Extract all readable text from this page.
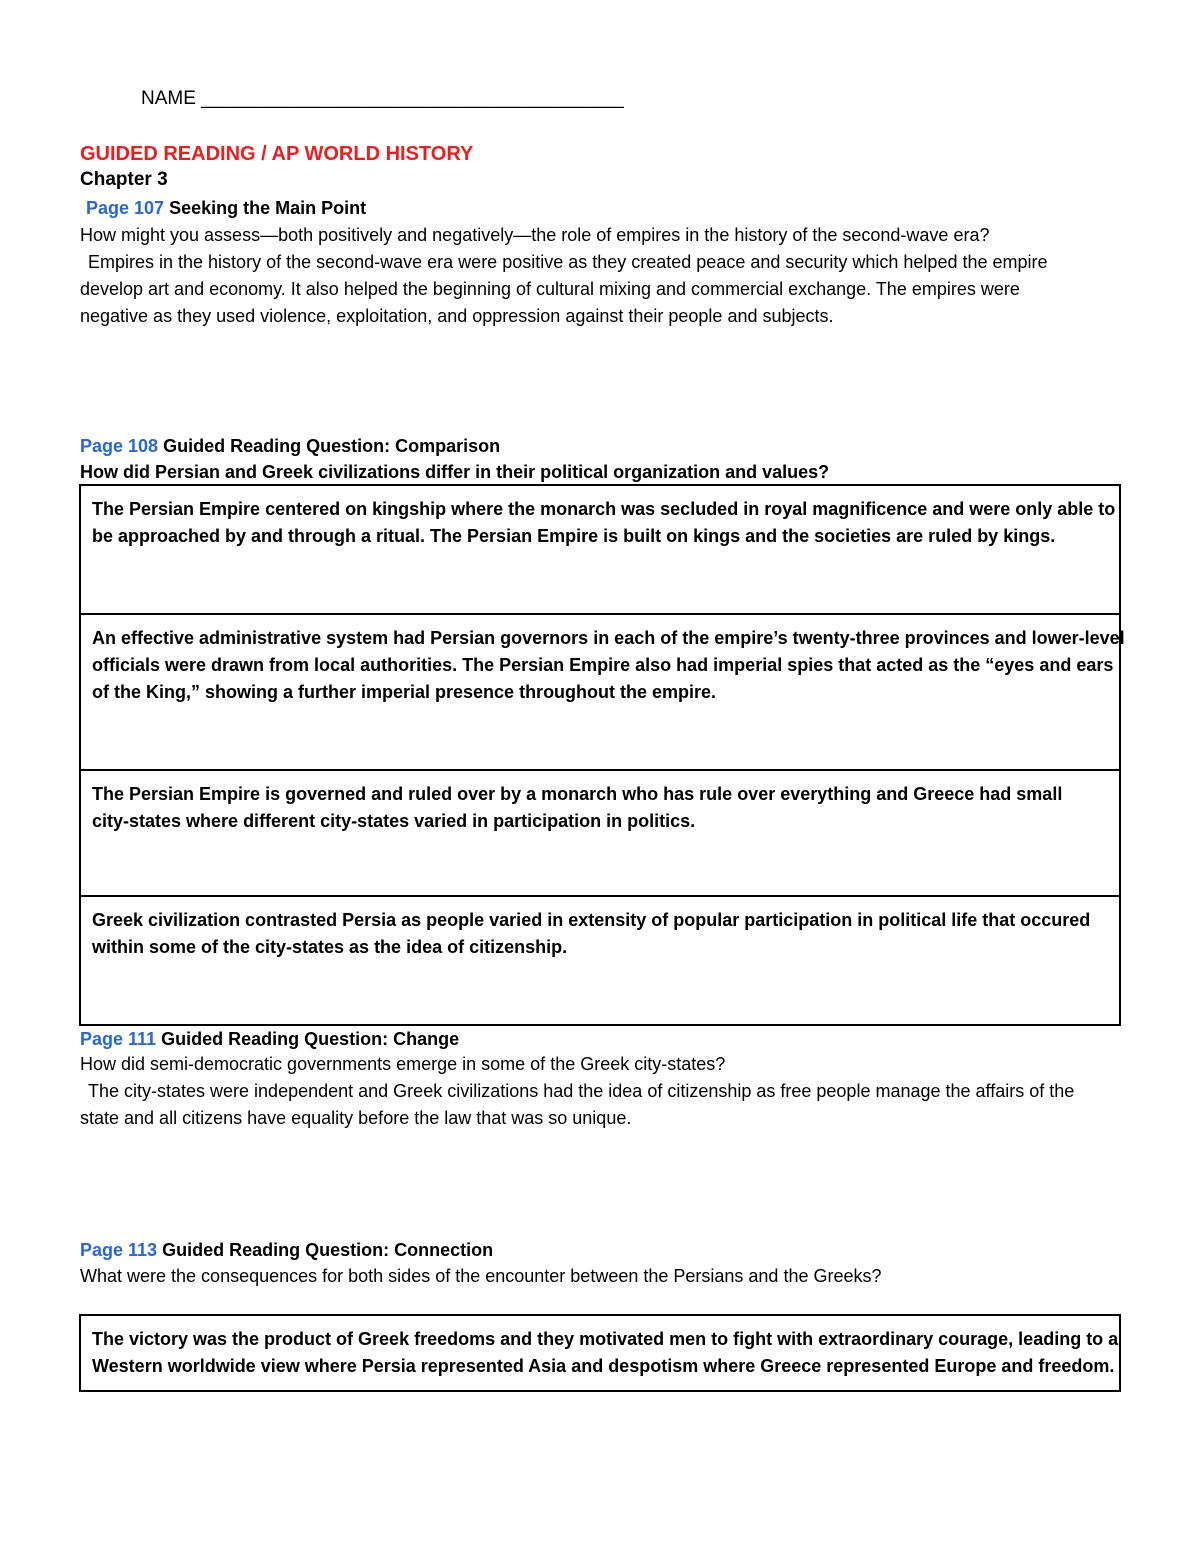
NAME ________________________________________
GUIDED READING / AP WORLD HISTORY
Chapter 3
Page 107 Seeking the Main Point
How might you assess—both positively and negatively—the role of empires in the history of the second-wave era?

Empires in the history of the second-wave era were positive as they created peace and security which helped the empire

develop art and economy. It also helped the beginning of cultural mixing and commercial exchange. The empires were

negative as they used violence, exploitation, and oppression against their people and subjects.

Page 108 Guided Reading Question: Comparison
How did Persian and Greek civilizations differ in their political organization and values?

The Persian Empire centered on kingship where the monarch was secluded in royal magnificence and were only able to

be approached by and through a ritual. The Persian Empire is built on kings and the societies are ruled by kings.

An effective administrative system had Persian governors in each of the empire’s twenty-three provinces and lower-level

officials were drawn from local authorities. The Persian Empire also had imperial spies that acted as the “eyes and ears

of the King,” showing a further imperial presence throughout the empire.

The Persian Empire is governed and ruled over by a monarch who has rule over everything and Greece had small

city-states where different city-states varied in participation in politics.

Greek civilization contrasted Persia as people varied in extensity of popular participation in political life that occured

within some of the city-states as the idea of citizenship.

Page 111 Guided Reading Question: Change
How did semi-democratic governments emerge in some of the Greek city-states?

The city-states were independent and Greek civilizations had the idea of citizenship as free people manage the affairs of the

state and all citizens have equality before the law that was so unique.

Page 113 Guided Reading Question: Connection
What were the consequences for both sides of the encounter between the Persians and the Greeks?

The victory was the product of Greek freedoms and they motivated men to fight with extraordinary courage, leading to a

Western worldwide view where Persia represented Asia and despotism where Greece represented Europe and freedom.
